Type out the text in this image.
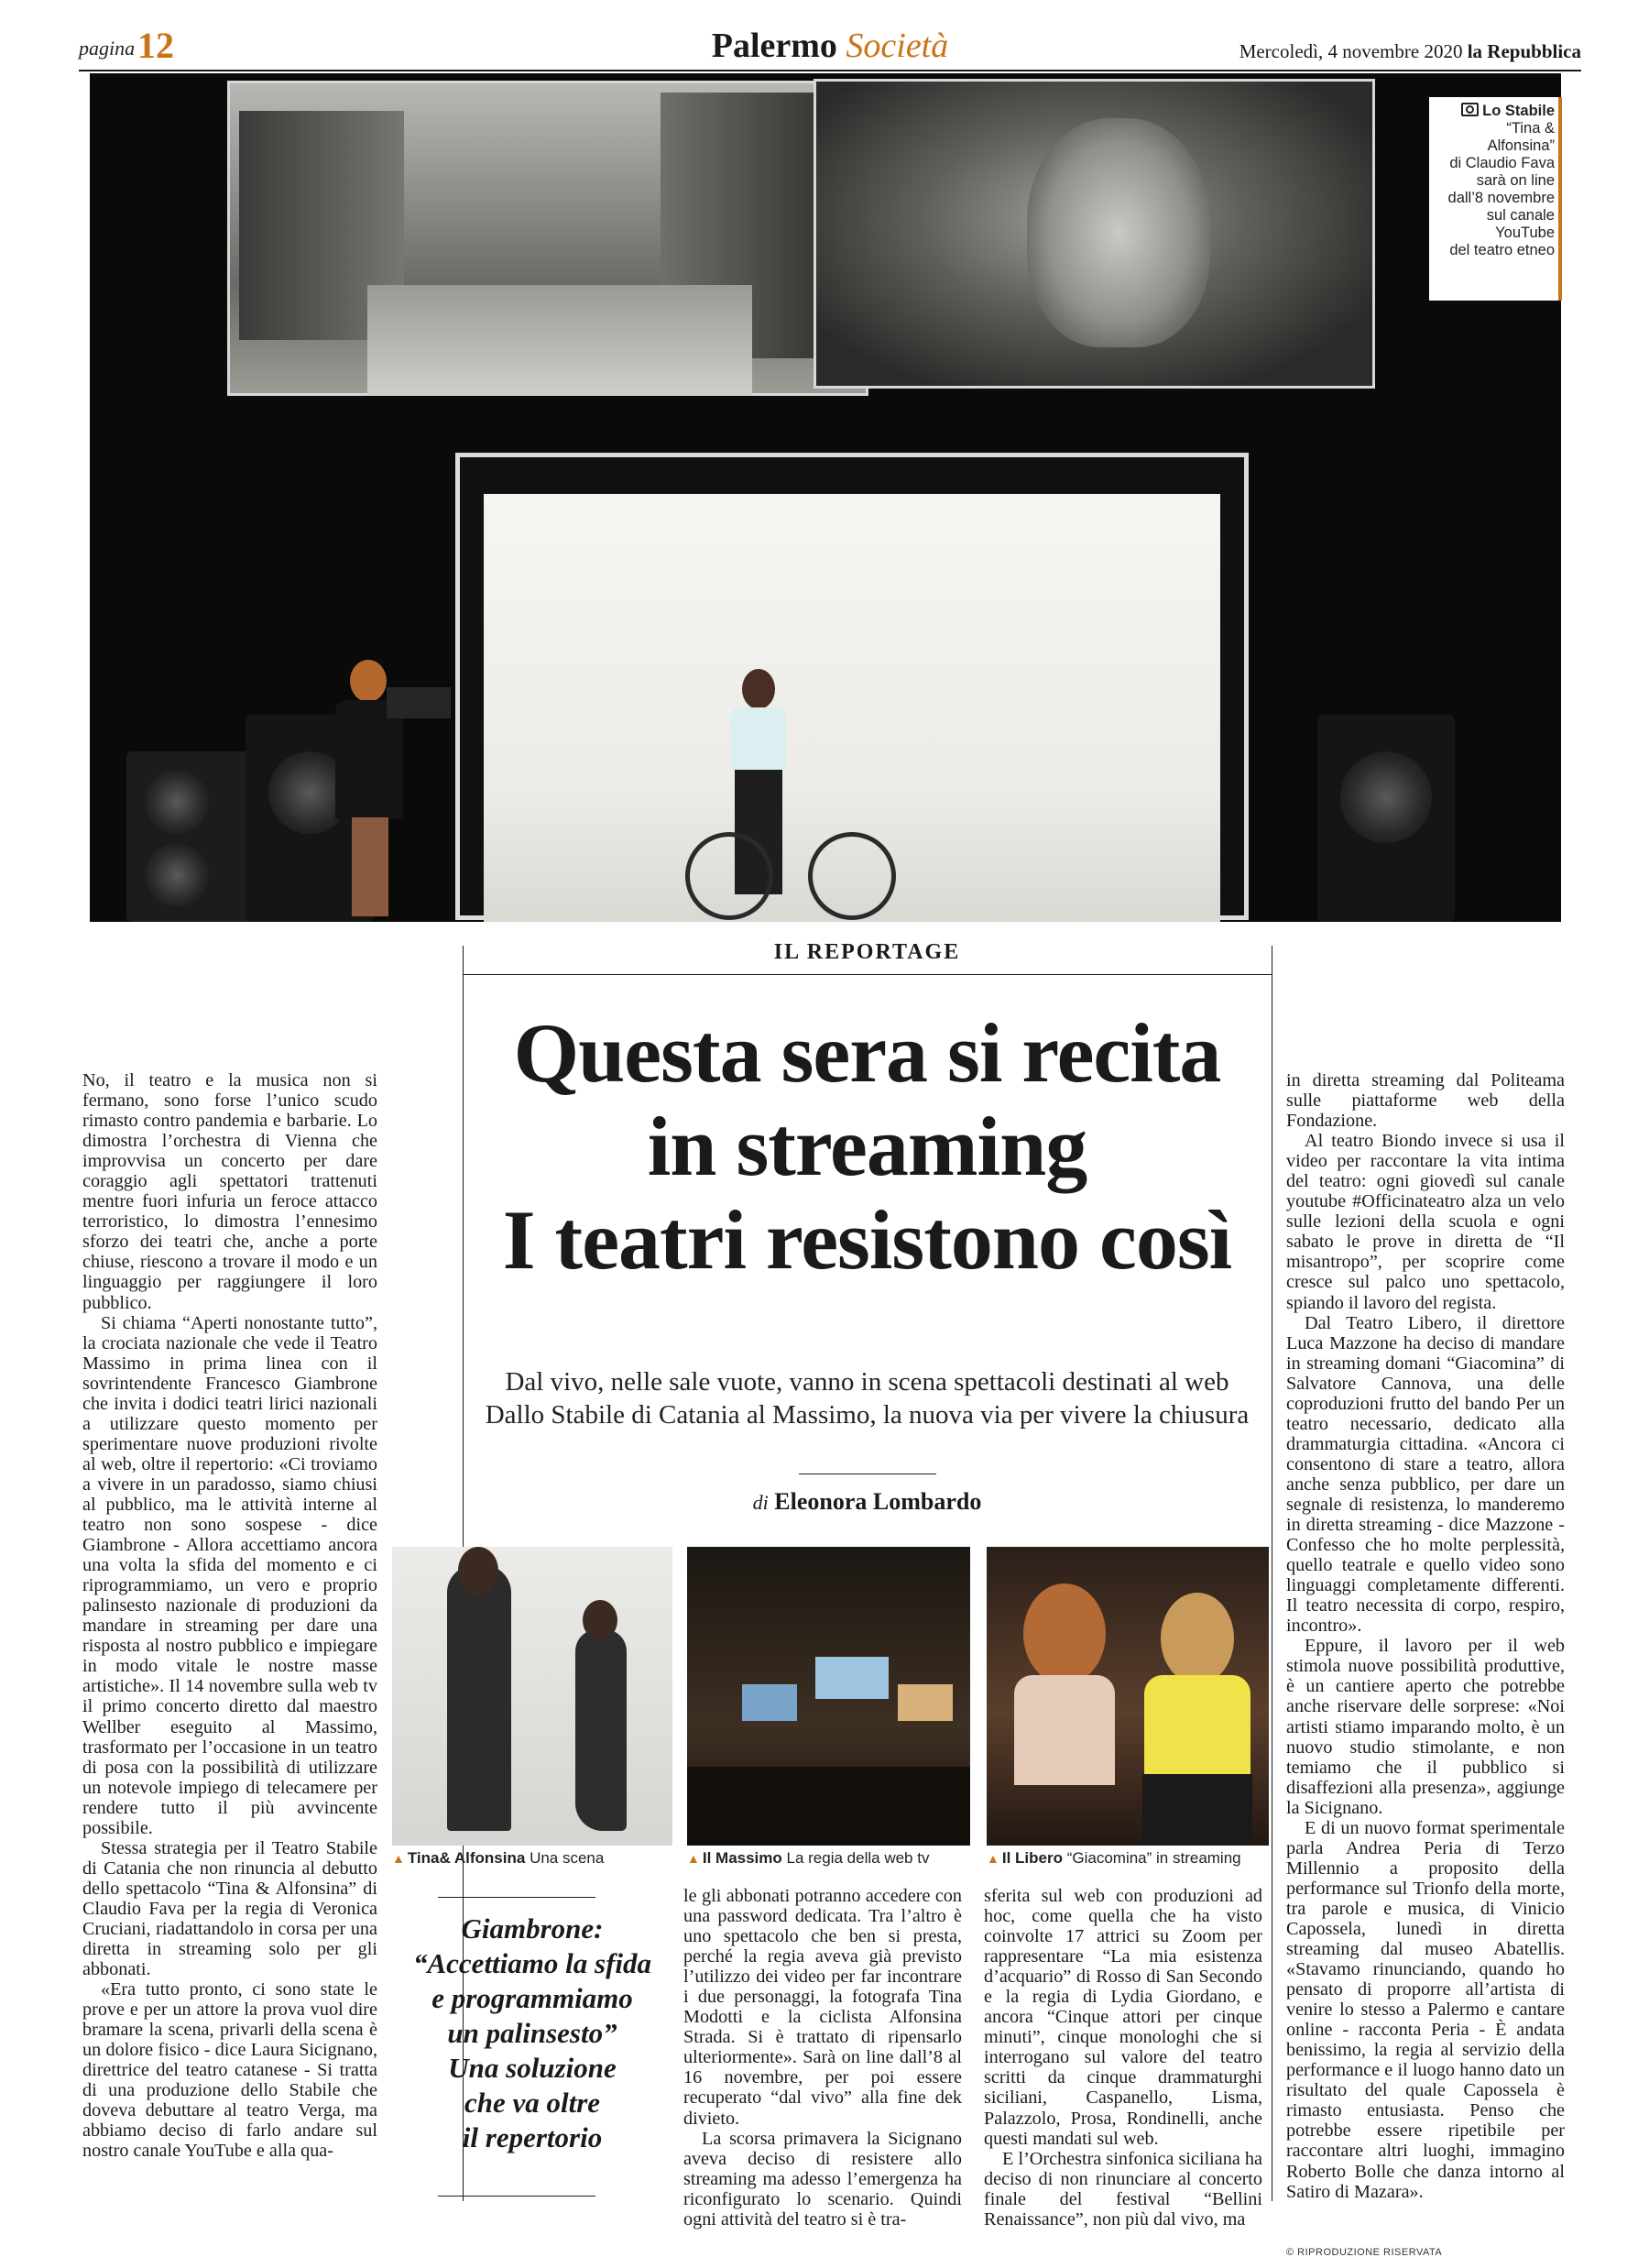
pagina 12	Palermo Società	Mercoledì, 4 novembre 2020 la Repubblica
Lo Stabile
“Tina &
Alfonsina”
di Claudio Fava
sarà on line
dall’8 novembre
sul canale
YouTube
del teatro etneo
IL REPORTAGE
Questa sera si recita
in streaming
I teatri resistono così
Dal vivo, nelle sale vuote, vanno in scena spettacoli destinati al web
Dallo Stabile di Catania al Massimo, la nuova via per vivere la chiusura
di Eleonora Lombardo
▲ Tina& Alfonsina Una scena	▲ Il Massimo La regia della web tv	▲ Il Libero “Giacomina” in streaming
Giambrone:
“Accettiamo la sfida
e programmiamo
un palinsesto”
Una soluzione
che va oltre
il repertorio

No, il teatro e la musica non si fermano, sono forse l’unico scudo rimasto contro pandemia e barbarie. Lo dimostra l’orchestra di Vienna che improvvisa un concerto per dare coraggio agli spettatori trattenuti mentre fuori infuria un feroce attacco terroristico, lo dimostra l’ennesimo sforzo dei teatri che, anche a porte chiuse, riescono a trovare il modo e un linguaggio per raggiungere il loro pubblico.

Si chiama “Aperti nonostante tutto”, la crociata nazionale che vede il Teatro Massimo in prima linea con il sovrintendente Francesco Giambrone che invita i dodici teatri lirici nazionali a utilizzare questo momento per sperimentare nuove produzioni rivolte al web, oltre il repertorio: «Ci troviamo a vivere in un paradosso, siamo chiusi al pubblico, ma le attività interne al teatro non sono sospese - dice Giambrone - Allora accettiamo ancora una volta la sfida del momento e ci riprogrammiamo, un vero e proprio palinsesto nazionale di produzioni da mandare in streaming per dare una risposta al nostro pubblico e impiegare in modo vitale le nostre masse artistiche». Il 14 novembre sulla web tv il primo concerto diretto dal maestro Wellber eseguito al Massimo, trasformato per l’occasione in un teatro di posa con la possibilità di utilizzare un notevole impiego di telecamere per rendere tutto il più avvincente possibile.

Stessa strategia per il Teatro Stabile di Catania che non rinuncia al debutto dello spettacolo “Tina & Alfonsina” di Claudio Fava per la regia di Veronica Cruciani, riadattandolo in corsa per una diretta in streaming solo per gli abbonati.

«Era tutto pronto, ci sono state le prove e per un attore la prova vuol dire bramare la scena, privarli della scena è un dolore fisico - dice Laura Sicignano, direttrice del teatro catanese - Si tratta di una produzione dello Stabile che doveva debuttare al teatro Verga, ma abbiamo deciso di farlo andare sul nostro canale YouTube e alla qua-

le gli abbonati potranno accedere con una password dedicata. Tra l’altro è uno spettacolo che ben si presta, perché la regia aveva già previsto l’utilizzo dei video per far incontrare i due personaggi, la fotografa Tina Modotti e la ciclista Alfonsina Strada. Si è trattato di ripensarlo ulteriormente». Sarà on line dall’8 al 16 novembre, per poi essere recuperato “dal vivo” alla fine dek divieto.

La scorsa primavera la Sicignano aveva deciso di resistere allo streaming ma adesso l’emergenza ha riconfigurato lo scenario. Quindi ogni attività del teatro si è tra-

sferita sul web con produzioni ad hoc, come quella che ha visto coinvolte 17 attrici su Zoom per rappresentare “La mia esistenza d’acquario” di Rosso di San Secondo e la regia di Lydia Giordano, e ancora “Cinque attori per cinque minuti”, cinque monologhi che si interrogano sul valore del teatro scritti da cinque drammaturghi siciliani, Caspanello, Lisma, Palazzolo, Prosa, Rondinelli, anche questi mandati sul web.

E l’Orchestra sinfonica siciliana ha deciso di non rinunciare al concerto finale del festival “Bellini Renaissance”, non più dal vivo, ma

in diretta streaming dal Politeama sulle piattaforme web della Fondazione.

Al teatro Biondo invece si usa il video per raccontare la vita intima del teatro: ogni giovedì sul canale youtube #Officinateatro alza un velo sulle lezioni della scuola e ogni sabato le prove in diretta de “Il misantropo”, per scoprire come cresce sul palco uno spettacolo, spiando il lavoro del regista.

Dal Teatro Libero, il direttore Luca Mazzone ha deciso di mandare in streaming domani “Giacomina” di Salvatore Cannova, una delle coproduzioni frutto del bando Per un teatro necessario, dedicato alla drammaturgia cittadina. «Ancora ci consentono di stare a teatro, allora anche senza pubblico, per dare un segnale di resistenza, lo manderemo in diretta streaming - dice Mazzone - Confesso che ho molte perplessità, quello teatrale e quello video sono linguaggi completamente differenti. Il teatro necessita di corpo, respiro, incontro».

Eppure, il lavoro per il web stimola nuove possibilità produttive, è un cantiere aperto che potrebbe anche riservare delle sorprese: «Noi artisti stiamo imparando molto, è un nuovo studio stimolante, e non temiamo che il pubblico si disaffezioni alla presenza», aggiunge la Sicignano.

E di un nuovo format sperimentale parla Andrea Peria di Terzo Millennio a proposito della performance sul Trionfo della morte, tra parole e musica, di Vinicio Capossela, lunedì in diretta streaming dal museo Abatellis. «Stavamo rinunciando, quando ho pensato di proporre all’artista di venire lo stesso a Palermo e cantare online - racconta Peria - È andata benissimo, la regia al servizio della performance e il luogo hanno dato un risultato del quale Capossela è rimasto entusiasta. Penso che potrebbe essere ripetibile per raccontare altri luoghi, immagino Roberto Bolle che danza intorno al Satiro di Mazara».

© RIPRODUZIONE RISERVATA
